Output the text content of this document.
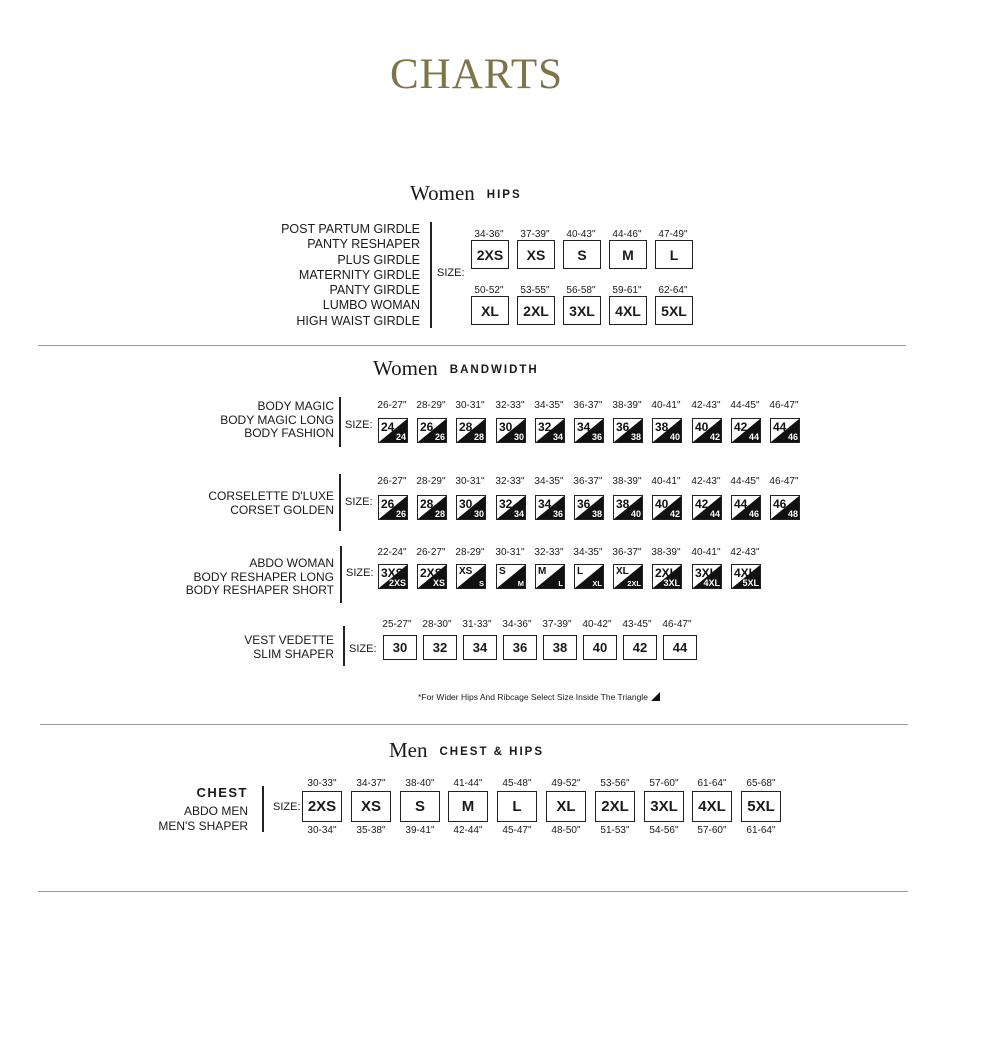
CHARTS
Women HIPS
POST PARTUM GIRDLE
PANTY RESHAPER
PLUS GIRDLE
MATERNITY GIRDLE
PANTY GIRDLE
LUMBO WOMAN
HIGH WAIST GIRDLE
SIZE:
34-36"
2XS
37-39"
XS
40-43"
S
44-46"
M
47-49"
L
50-52"
XL
53-55"
2XL
56-58"
3XL
59-61"
4XL
62-64"
5XL
Women BANDWIDTH
BODY MAGIC
BODY MAGIC LONG
BODY FASHION
SIZE:
26-27"
24
24
28-29"
26
26
30-31"
28
28
32-33"
30
30
34-35"
32
34
36-37"
34
36
38-39"
36
38
40-41"
38
40
42-43"
40
42
44-45"
42
44
46-47"
44
46
CORSELETTE D'LUXE
CORSET GOLDEN
SIZE:
26-27"
26
26
28-29"
28
28
30-31"
30
30
32-33"
32
34
34-35"
34
36
36-37"
36
38
38-39"
38
40
40-41"
40
42
42-43"
42
44
44-45"
44
46
46-47"
46
48
ABDO WOMAN
BODY RESHAPER LONG
BODY RESHAPER SHORT
SIZE:
22-24"
3XS
2XS
26-27"
2XS
XS
28-29"
XS
S
30-31"
S
M
32-33"
M
L
34-35"
L
XL
36-37"
XL
2XL
38-39"
2XL
3XL
40-41"
3XL
4XL
42-43"
4XL
5XL
VEST VEDETTE
SLIM SHAPER SIZE:
25-27"
30
28-30"
32
31-33"
34
34-36"
36
37-39"
38
40-42"
40
43-45"
42
46-47"
44
*For Wider Hips And Ribcage Select Size Inside The Triangle
Men CHEST & HIPS
CHEST
ABDO MEN
MEN'S SHAPER
SIZE:
30-33"
2XS
30-34"
34-37"
XS
35-38"
38-40"
S
39-41"
41-44"
M
42-44"
45-48"
L
45-47"
49-52"
XL
48-50"
53-56"
2XL
51-53"
57-60"
3XL
54-56"
61-64"
4XL
57-60"
65-68"
5XL
61-64"
